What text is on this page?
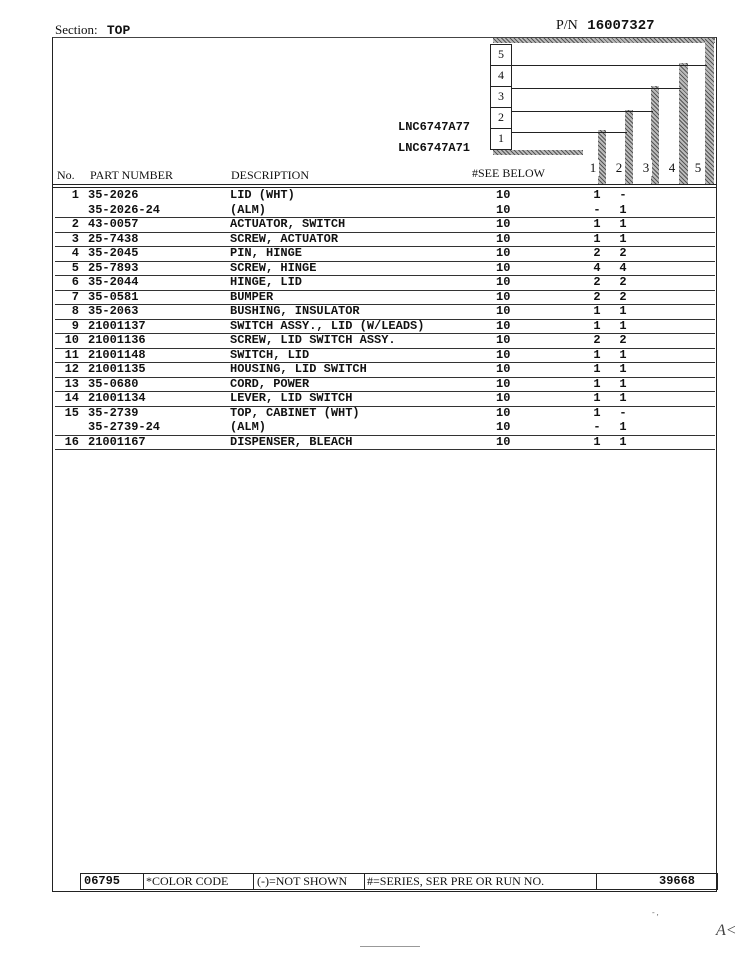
Section: TOP	P/N 16007327
5
4
3
2
1
LNC6747A77
LNC6747A71
1 2 3 4 5
No. PART NUMBER	DESCRIPTION	#SEE BELOW
1 35-2026	LID (WHT)	10	1 -
35-2026-24	(ALM)	10	- 1
2 43-0057	ACTUATOR, SWITCH	10	1 1
3 25-7438	SCREW, ACTUATOR	10	1 1
4 35-2045	PIN, HINGE	10	2 2
5 25-7893	SCREW, HINGE	10	4 4
6 35-2044	HINGE, LID	10	2 2
7 35-0581	BUMPER	10	2 2
8 35-2063	BUSHING, INSULATOR	10	1 1
9 21001137	SWITCH ASSY., LID (W/LEADS)	10	1 1
10 21001136	SCREW, LID SWITCH ASSY.	10	2 2
11 21001148	SWITCH, LID	10	1 1
12 21001135	HOUSING, LID SWITCH	10	1 1
13 35-0680	CORD, POWER	10	1 1
14 21001134	LEVER, LID SWITCH	10	1 1
15 35-2739	TOP, CABINET (WHT)	10	1 -
35-2739-24	(ALM)	10	- 1
16 21001167	DISPENSER, BLEACH	10	1 1
06795 *COLOR CODE (-)=NOT SHOWN #=SERIES, SER PRE OR RUN NO.	39668
- ,
A<
